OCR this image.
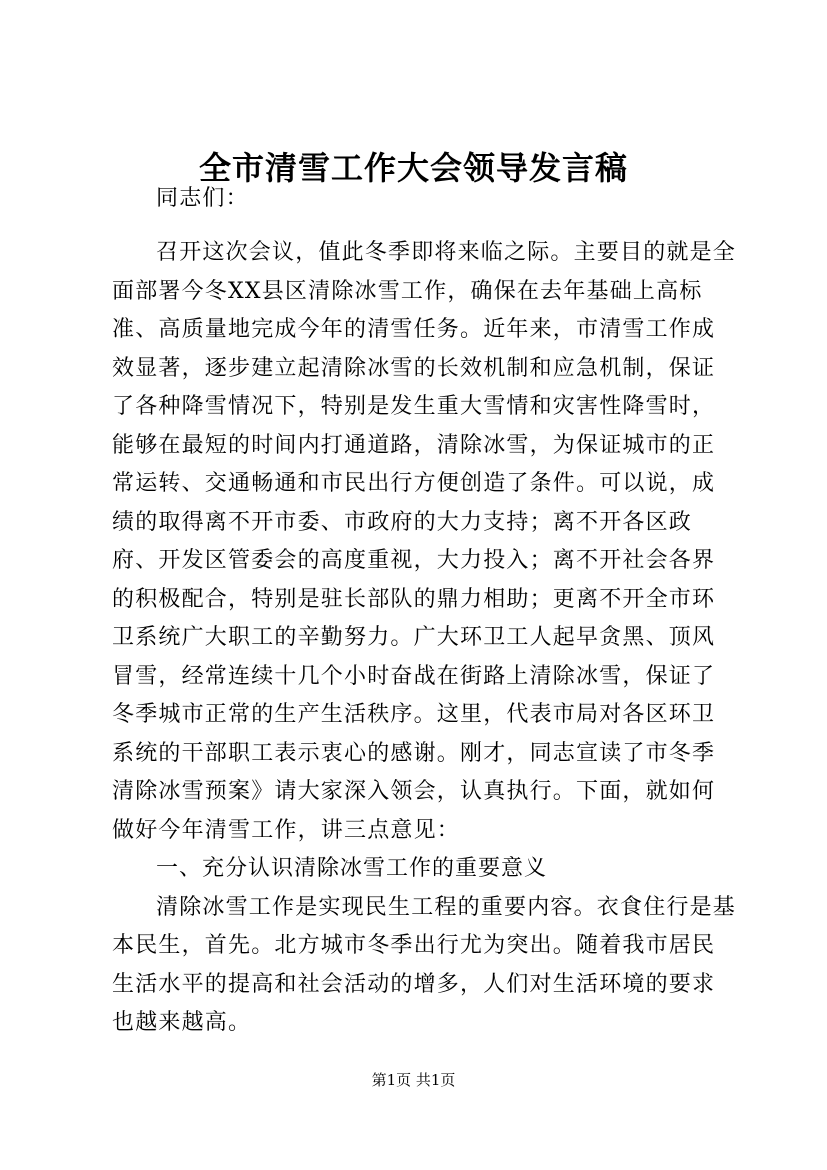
全市清雪工作大会领导发言稿

同志们：

召开这次会议，值此冬季即将来临之际。主要目的就是全面部署今冬XX县区清除冰雪工作，确保在去年基础上高标准、高质量地完成今年的清雪任务。近年来，市清雪工作成效显著，逐步建立起清除冰雪的长效机制和应急机制，保证了各种降雪情况下，特别是发生重大雪情和灾害性降雪时，能够在最短的时间内打通道路，清除冰雪，为保证城市的正常运转、交通畅通和市民出行方便创造了条件。可以说，成绩的取得离不开市委、市政府的大力支持；离不开各区政府、开发区管委会的高度重视，大力投入；离不开社会各界的积极配合，特别是驻长部队的鼎力相助；更离不开全市环卫系统广大职工的辛勤努力。广大环卫工人起早贪黑、顶风冒雪，经常连续十几个小时奋战在街路上清除冰雪，保证了冬季城市正常的生产生活秩序。这里，代表市局对各区环卫系统的干部职工表示衷心的感谢。刚才，同志宣读了市冬季清除冰雪预案》请大家深入领会，认真执行。下面，就如何做好今年清雪工作，讲三点意见：

一、充分认识清除冰雪工作的重要意义

清除冰雪工作是实现民生工程的重要内容。衣食住行是基本民生，首先。北方城市冬季出行尤为突出。随着我市居民生活水平的提高和社会活动的增多，人们对生活环境的要求也越来越高。

第1页 共1页
